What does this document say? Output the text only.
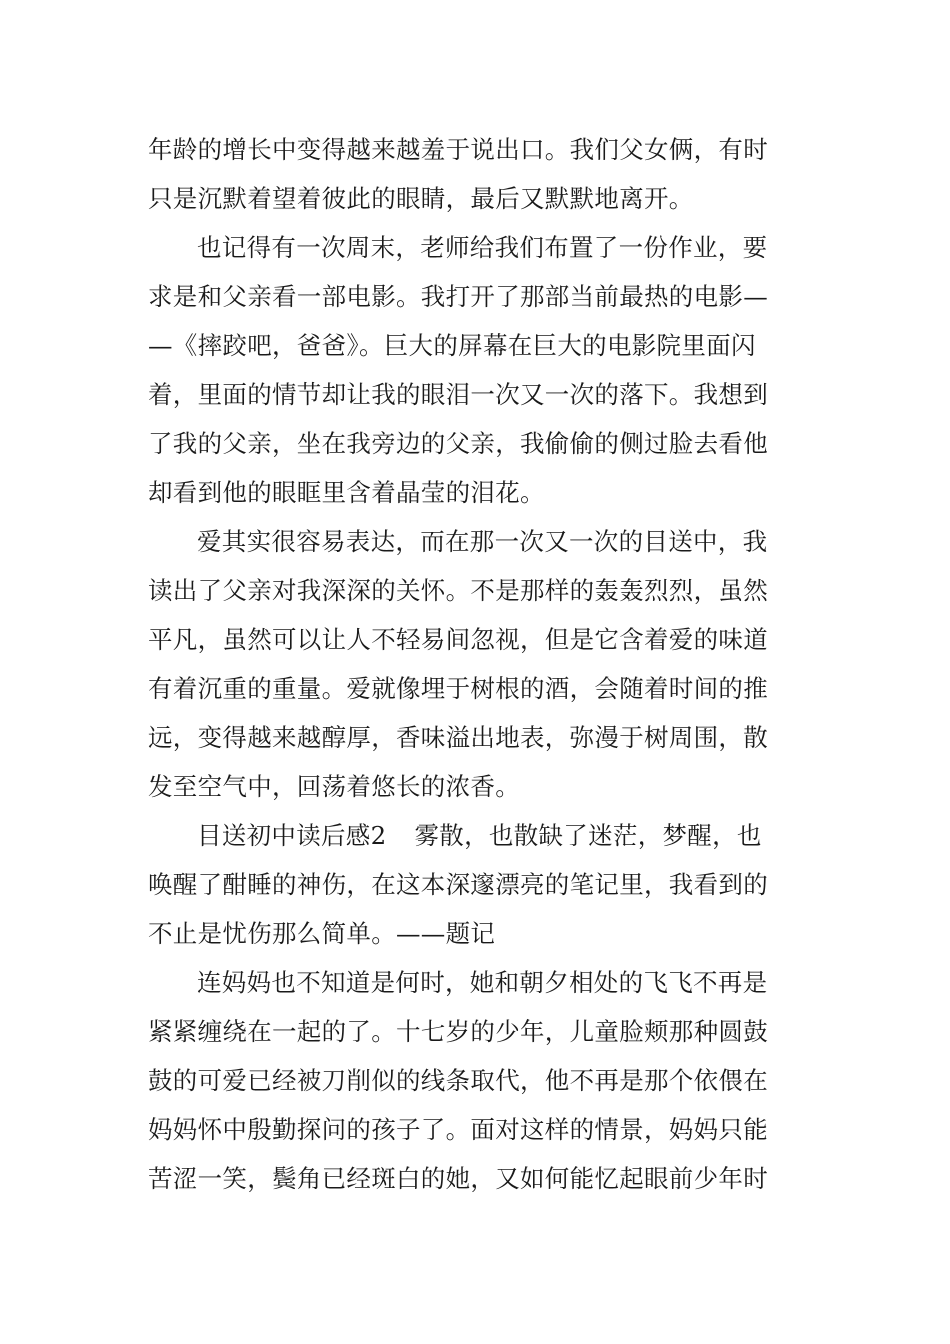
年龄的增长中变得越来越羞于说出口。我们父女俩，有时
只是沉默着望着彼此的眼睛，最后又默默地离开。
也记得有一次周末，老师给我们布置了一份作业，要
求是和父亲看一部电影。我打开了那部当前最热的电影—
—《摔跤吧，爸爸》。巨大的屏幕在巨大的电影院里面闪
着，里面的情节却让我的眼泪一次又一次的落下。我想到
了我的父亲，坐在我旁边的父亲，我偷偷的侧过脸去看他
却看到他的眼眶里含着晶莹的泪花。
爱其实很容易表达，而在那一次又一次的目送中，我
读出了父亲对我深深的关怀。不是那样的轰轰烈烈，虽然
平凡，虽然可以让人不轻易间忽视，但是它含着爱的味道
有着沉重的重量。爱就像埋于树根的酒，会随着时间的推
远，变得越来越醇厚，香味溢出地表，弥漫于树周围，散
发至空气中，回荡着悠长的浓香。
目送初中读后感2 雾散，也散缺了迷茫，梦醒，也
唤醒了酣睡的神伤，在这本深邃漂亮的笔记里，我看到的
不止是忧伤那么简单。——题记
连妈妈也不知道是何时，她和朝夕相处的飞飞不再是
紧紧缠绕在一起的了。十七岁的少年，儿童脸颊那种圆鼓
鼓的可爱已经被刀削似的线条取代，他不再是那个依偎在
妈妈怀中殷勤探问的孩子了。面对这样的情景，妈妈只能
苦涩一笑，鬓角已经斑白的她，又如何能忆起眼前少年时
